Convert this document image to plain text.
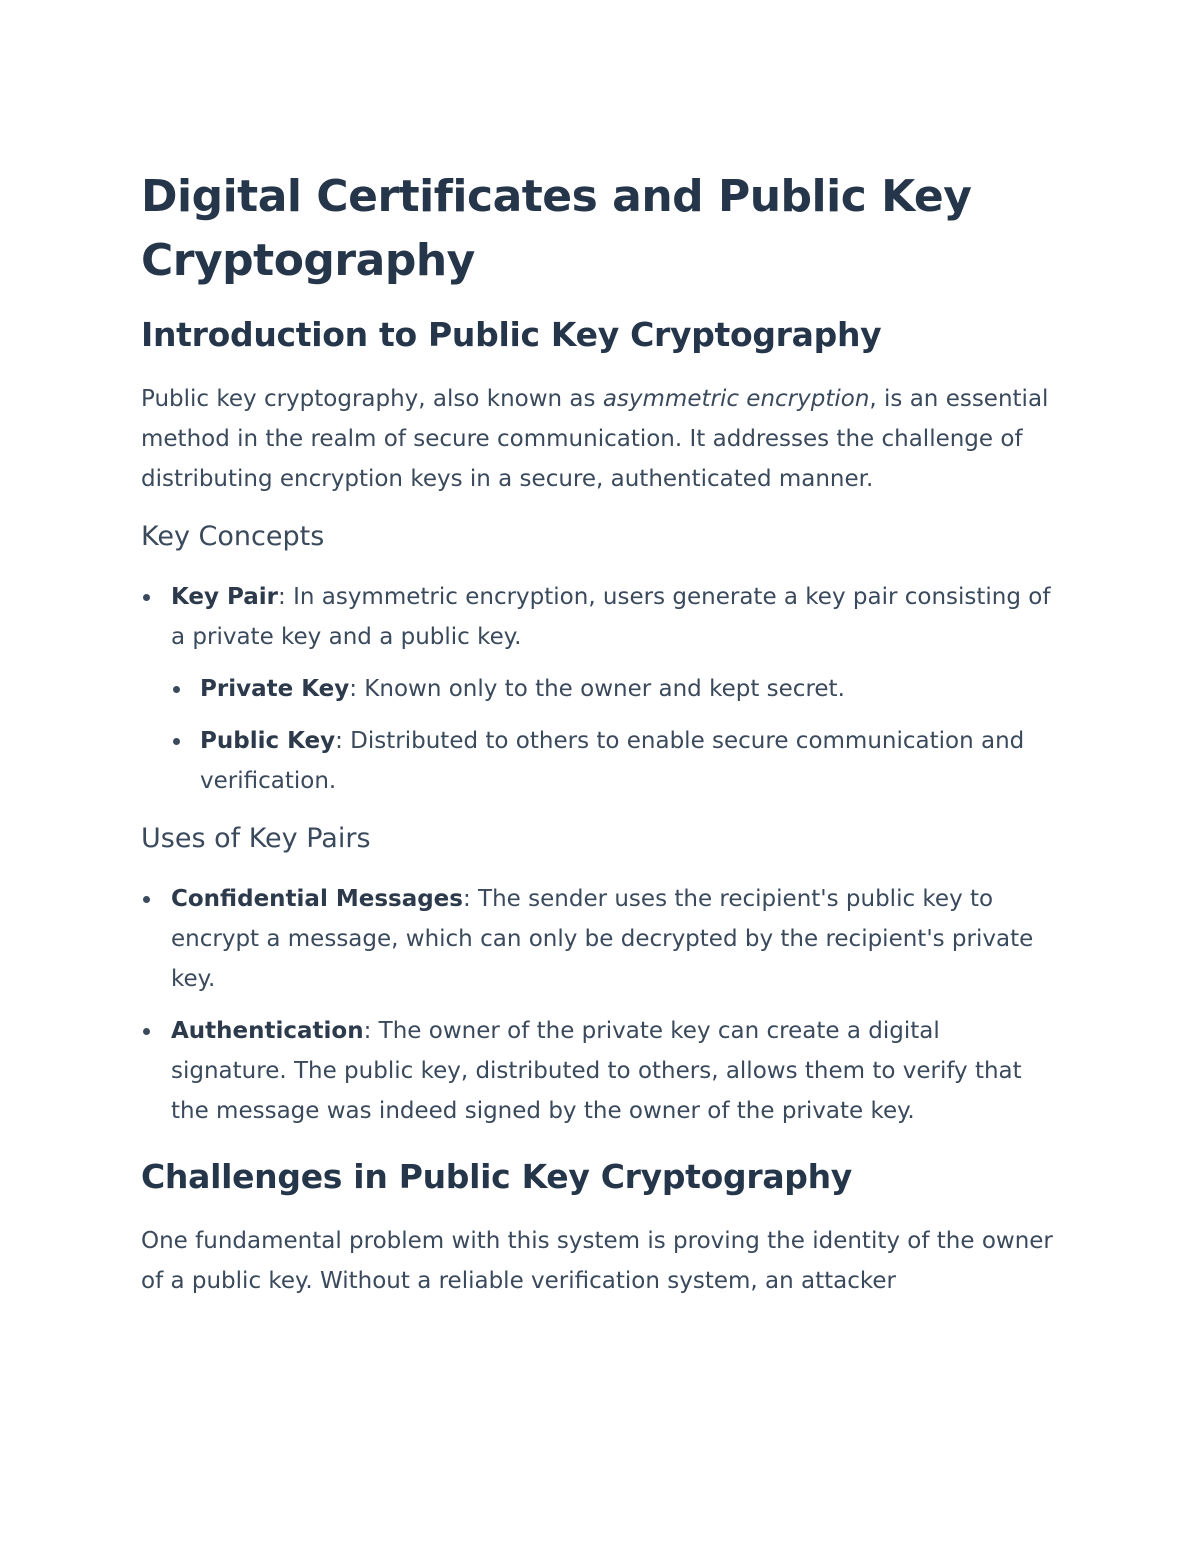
Digital Certificates and Public Key Cryptography
Introduction to Public Key Cryptography

Public key cryptography, also known as asymmetric encryption, is an essential method in the realm of secure communication. It addresses the challenge of distributing encryption keys in a secure, authenticated manner.

Key Concepts
Key Pair: In asymmetric encryption, users generate a key pair consisting of a private key and a public key.
Private Key: Known only to the owner and kept secret.
Public Key: Distributed to others to enable secure communication and verification.
Uses of Key Pairs
Confidential Messages: The sender uses the recipient's public key to encrypt a message, which can only be decrypted by the recipient's private key.
Authentication: The owner of the private key can create a digital signature. The public key, distributed to others, allows them to verify that the message was indeed signed by the owner of the private key.
Challenges in Public Key Cryptography

One fundamental problem with this system is proving the identity of the owner of a public key. Without a reliable verification system, an attacker
